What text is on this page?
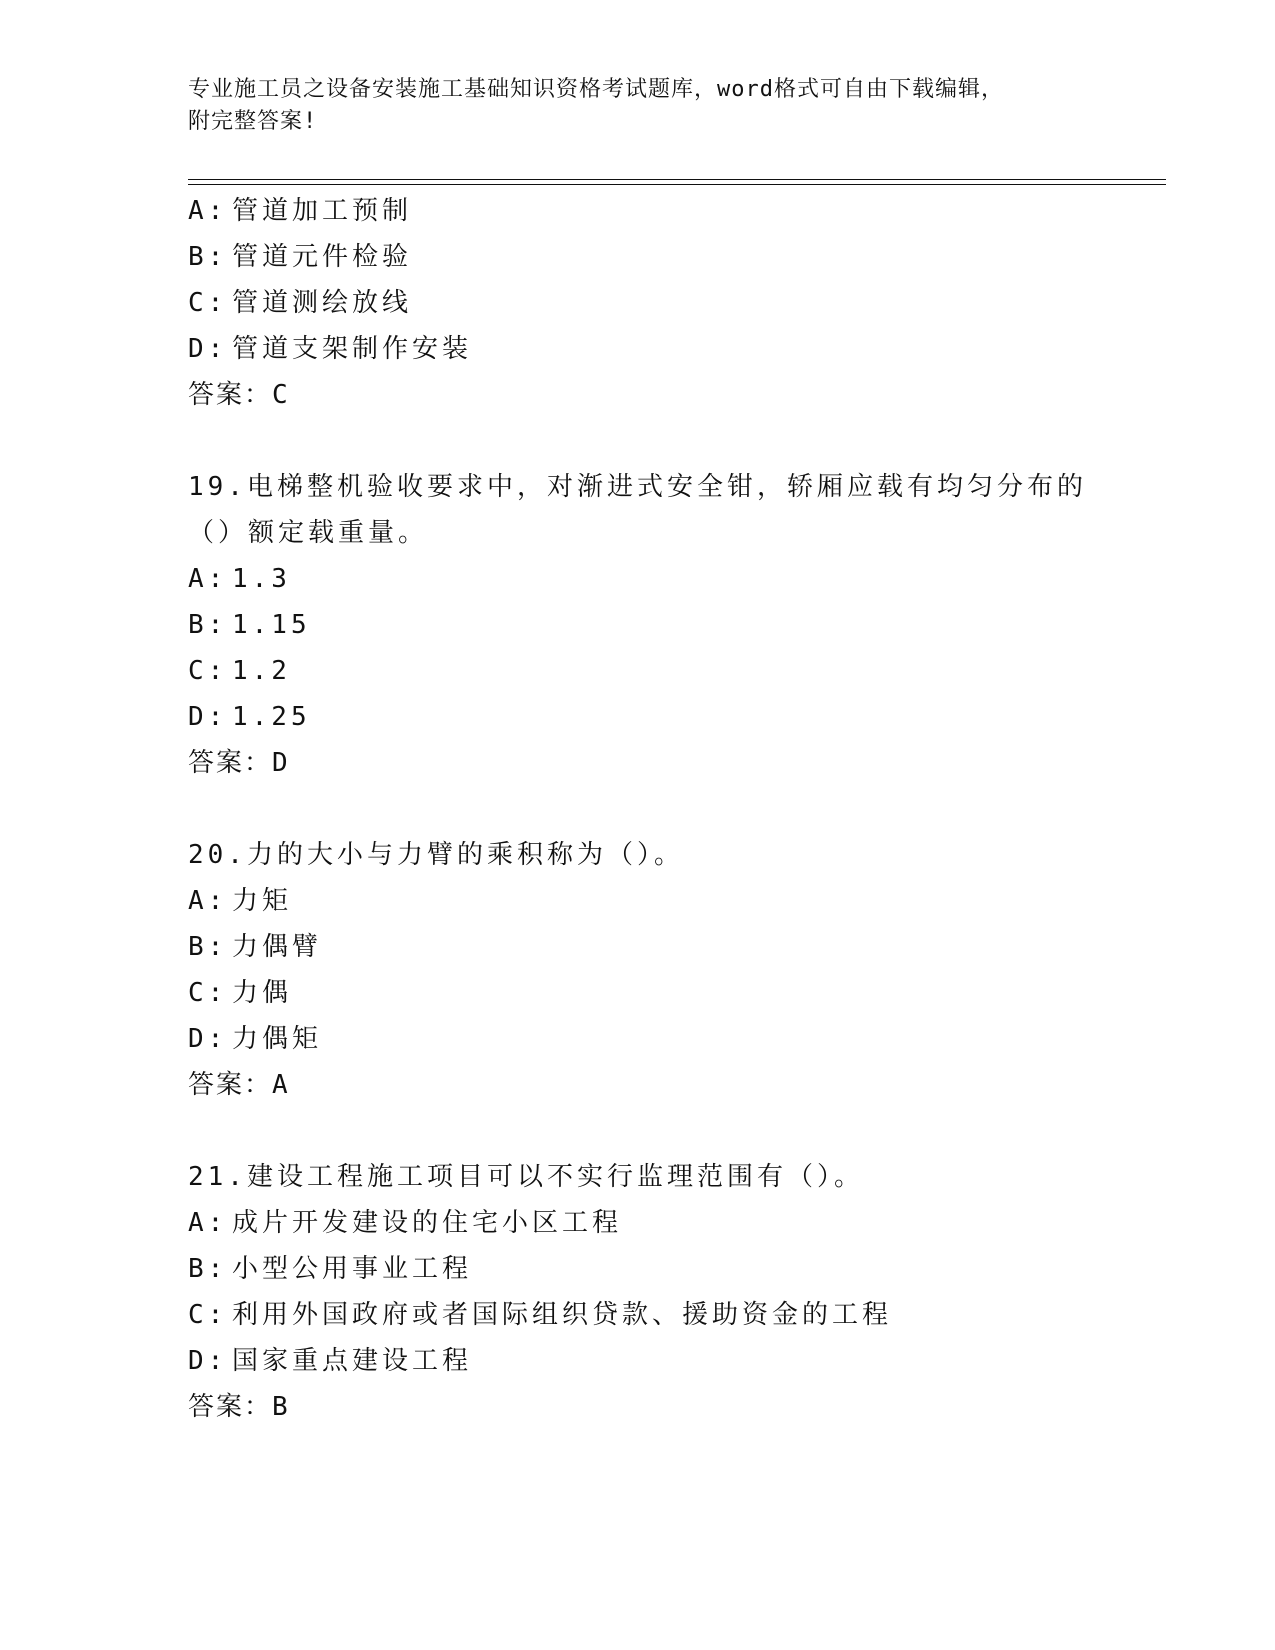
专业施工员之设备安装施工基础知识资格考试题库，word格式可自由下载编辑，
附完整答案!
A: 管道加工预制
B: 管道元件检验
C: 管道测绘放线
D: 管道支架制作安装
答案：C
19.电梯整机验收要求中，对渐进式安全钳，轿厢应载有均匀分布的（）额定载重量。
A: 1.3
B: 1.15
C: 1.2
D: 1.25
答案：D
20.力的大小与力臂的乘积称为（）。
A: 力矩
B: 力偶臂
C: 力偶
D: 力偶矩
答案：A
21.建设工程施工项目可以不实行监理范围有（）。
A: 成片开发建设的住宅小区工程
B: 小型公用事业工程
C: 利用外国政府或者国际组织贷款、援助资金的工程
D: 国家重点建设工程
答案：B
